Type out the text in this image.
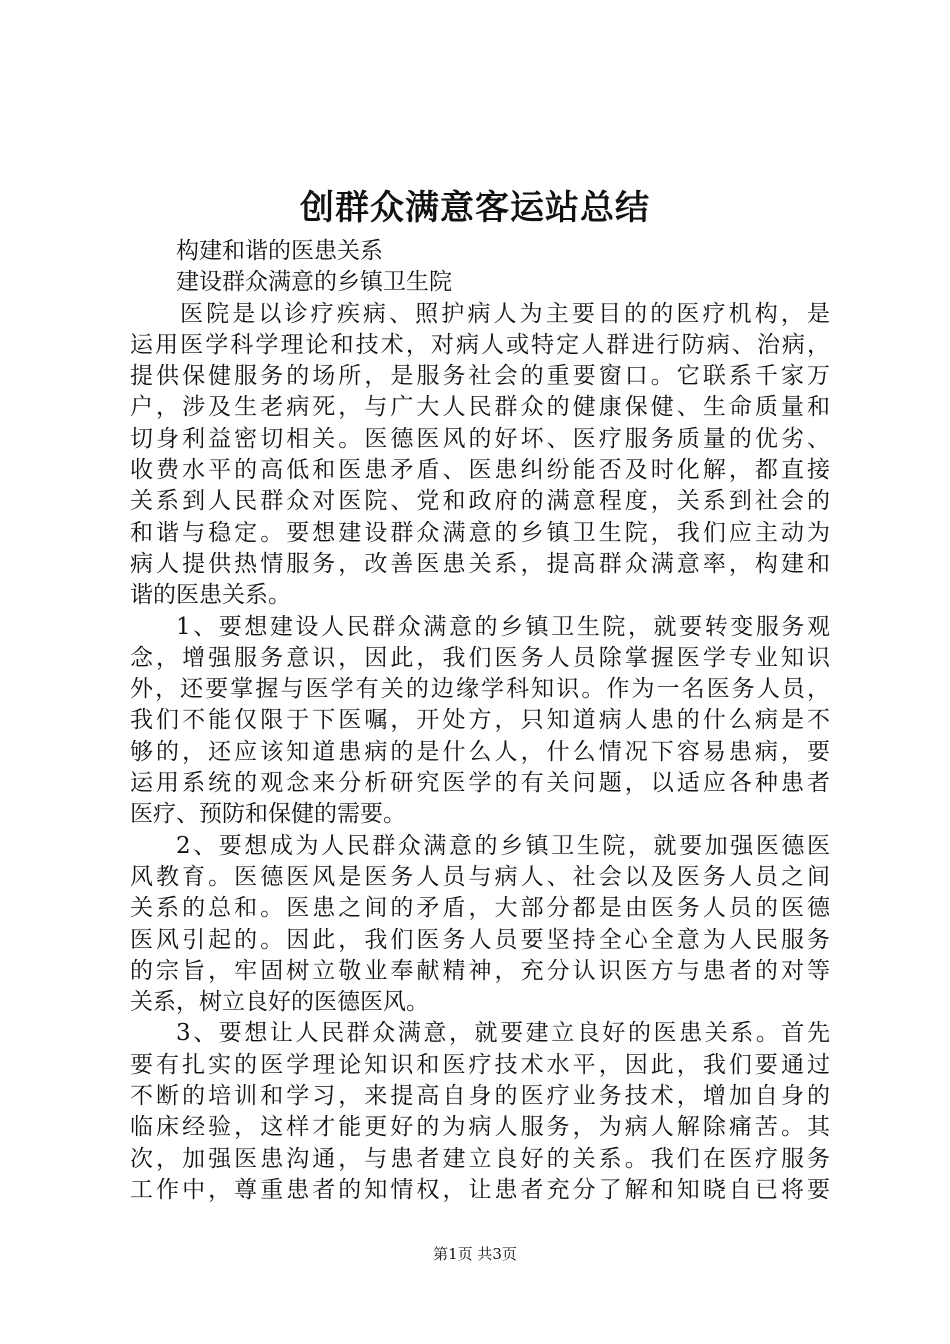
创群众满意客运站总结
构建和谐的医患关系
建设群众满意的乡镇卫生院
医院是以诊疗疾病、照护病人为主要目的的医疗机构，是
运用医学科学理论和技术，对病人或特定人群进行防病、治病，
提供保健服务的场所，是服务社会的重要窗口。它联系千家万
户，涉及生老病死，与广大人民群众的健康保健、生命质量和
切身利益密切相关。医德医风的好坏、医疗服务质量的优劣、
收费水平的高低和医患矛盾、医患纠纷能否及时化解，都直接
关系到人民群众对医院、党和政府的满意程度，关系到社会的
和谐与稳定。要想建设群众满意的乡镇卫生院，我们应主动为
病人提供热情服务，改善医患关系，提高群众满意率，构建和
谐的医患关系。
1、要想建设人民群众满意的乡镇卫生院，就要转变服务观
念，增强服务意识，因此，我们医务人员除掌握医学专业知识
外，还要掌握与医学有关的边缘学科知识。作为一名医务人员，
我们不能仅限于下医嘱，开处方，只知道病人患的什么病是不
够的，还应该知道患病的是什么人，什么情况下容易患病，要
运用系统的观念来分析研究医学的有关问题，以适应各种患者
医疗、预防和保健的需要。
2、要想成为人民群众满意的乡镇卫生院，就要加强医德医
风教育。医德医风是医务人员与病人、社会以及医务人员之间
关系的总和。医患之间的矛盾，大部分都是由医务人员的医德
医风引起的。因此，我们医务人员要坚持全心全意为人民服务
的宗旨，牢固树立敬业奉献精神，充分认识医方与患者的对等
关系，树立良好的医德医风。
3、要想让人民群众满意，就要建立良好的医患关系。首先
要有扎实的医学理论知识和医疗技术水平，因此，我们要通过
不断的培训和学习，来提高自身的医疗业务技术，增加自身的
临床经验，这样才能更好的为病人服务，为病人解除痛苦。其
次，加强医患沟通，与患者建立良好的关系。我们在医疗服务
工作中，尊重患者的知情权，让患者充分了解和知晓自已将要
第1页 共3页
